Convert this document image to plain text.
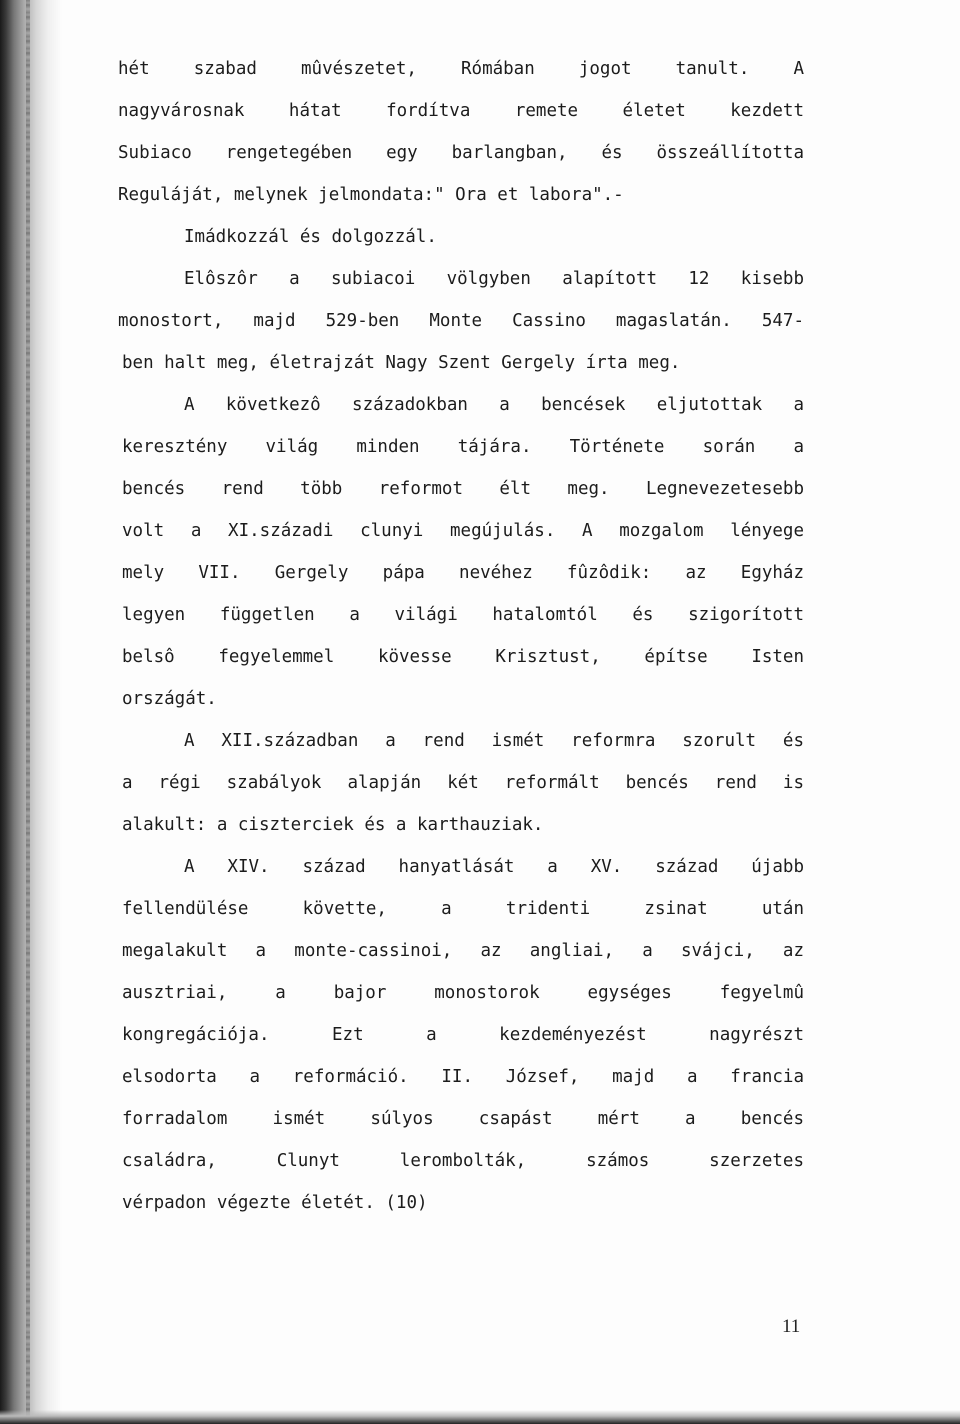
hét szabad mûvészetet, Rómában jogot tanult. A
nagyvárosnak hátat fordítva remete életet kezdett
Subiaco rengetegében egy barlangban, és összeállította
Reguláját, melynek jelmondata:" Ora et labora".-
Imádkozzál és dolgozzál.
Elôszôr a subiacoi völgyben alapított 12 kisebb
monostort, majd 529-ben Monte Cassino magaslatán. 547-
ben halt meg, életrajzát Nagy Szent Gergely írta meg.
A következô századokban a bencések eljutottak a
keresztény világ minden tájára. Története során a
bencés rend több reformot élt meg. Legnevezetesebb
volt a XI.századi clunyi megújulás. A mozgalom lényege
mely VII. Gergely pápa nevéhez fûzôdik: az Egyház
legyen független a világi hatalomtól és szigorított
belsô fegyelemmel kövesse Krisztust, építse Isten
országát.
A XII.században a rend ismét reformra szorult és
a régi szabályok alapján két reformált bencés rend is
alakult: a ciszterciek és a karthauziak.
A XIV. század hanyatlását a XV. század újabb
fellendülése követte, a tridenti zsinat után
megalakult a monte-cassinoi, az angliai, a svájci, az
ausztriai, a bajor monostorok egységes fegyelmû
kongregációja. Ezt a kezdeményezést nagyrészt
elsodorta a reformáció. II. József, majd a francia
forradalom ismét súlyos csapást mért a bencés
családra, Clunyt lerombolták, számos szerzetes
vérpadon végezte életét. (10)
11
